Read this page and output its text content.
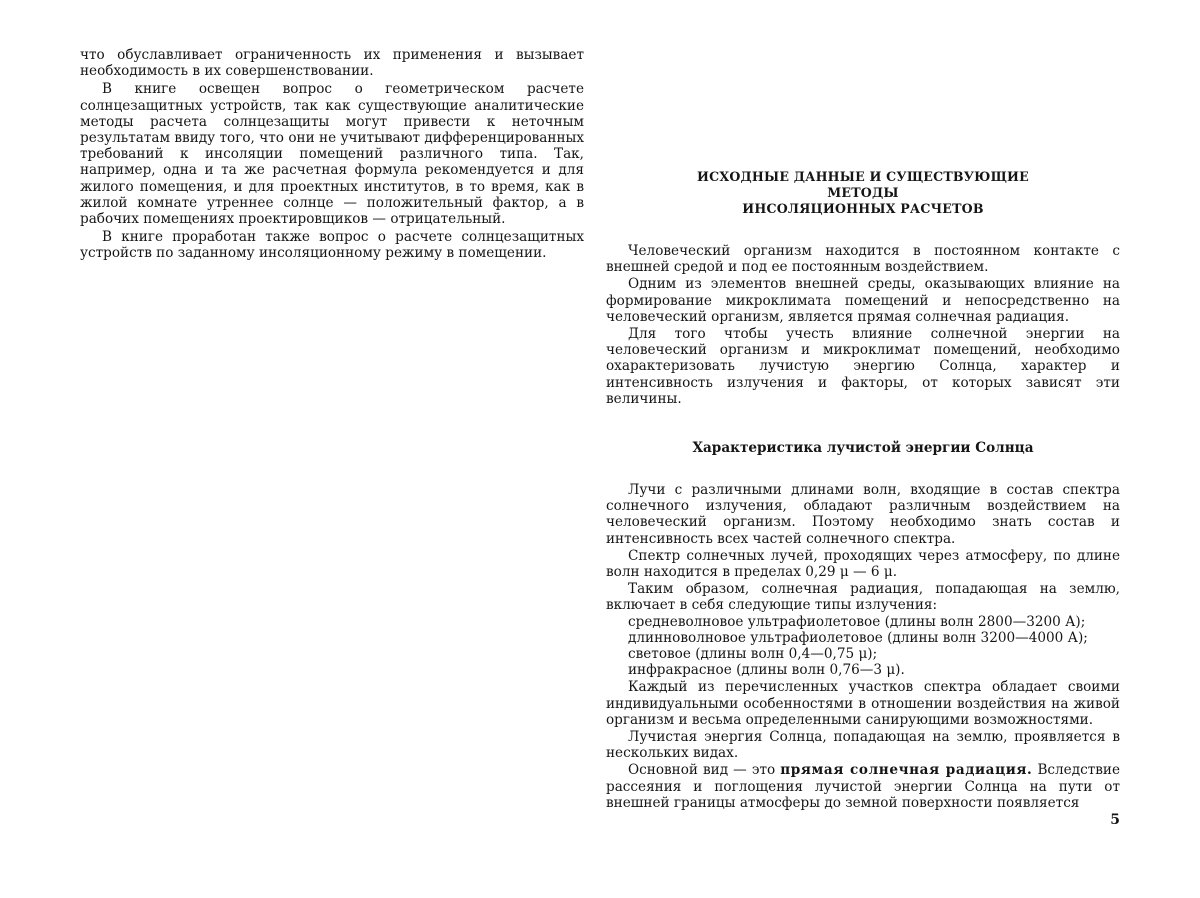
что обуславливает ограниченность их применения и вызывает необходимость в их совершенствовании.

В книге освещен вопрос о геометрическом расчете солнцезащитных устройств, так как существующие аналитические методы расчета солнцезащиты могут привести к неточным результатам ввиду того, что они не учитывают дифференцированных требований к инсоляции помещений различного типа. Так, например, одна и та же расчетная формула рекомендуется и для жилого помещения, и для проектных институтов, в то время, как в жилой комнате утреннее солнце — положительный фактор, а в рабочих помещениях проектировщиков — отрицательный.

В книге проработан также вопрос о расчете солнцезащитных устройств по заданному инсоляционному режиму в помещении.

ИСХОДНЫЕ ДАННЫЕ И СУЩЕСТВУЮЩИЕ МЕТОДЫ
ИНСОЛЯЦИОННЫХ РАСЧЕТОВ

Человеческий организм находится в постоянном контакте с внешней средой и под ее постоянным воздействием.

Одним из элементов внешней среды, оказывающих влияние на формирование микроклимата помещений и непосредственно на человеческий организм, является прямая солнечная радиация.

Для того чтобы учесть влияние солнечной энергии на человеческий организм и микроклимат помещений, необходимо охарактеризовать лучистую энергию Солнца, характер и интенсивность излучения и факторы, от которых зависят эти величины.

Характеристика лучистой энергии Солнца

Лучи с различными длинами волн, входящие в состав спектра солнечного излучения, обладают различным воздействием на человеческий организм. Поэтому необходимо знать состав и интенсивность всех частей солнечного спектра.

Спектр солнечных лучей, проходящих через атмосферу, по длине волн находится в пределах 0,29 μ — 6 μ.

Таким образом, солнечная радиация, попадающая на землю, включает в себя следующие типы излучения:

средневолновое ультрафиолетовое (длины волн 2800—3200 А);
длинноволновое ультрафиолетовое (длины волн 3200—4000 А);
световое (длины волн 0,4—0,75 μ);
инфракрасное (длины волн 0,76—3 μ).

Каждый из перечисленных участков спектра обладает своими индивидуальными особенностями в отношении воздействия на живой организм и весьма определенными санирующими возможностями.

Лучистая энергия Солнца, попадающая на землю, проявляется в нескольких видах.

Основной вид — это прямая солнечная радиация. Вследствие рассеяния и поглощения лучистой энергии Солнца на пути от внешней границы атмосферы до земной поверхности появляется

5
